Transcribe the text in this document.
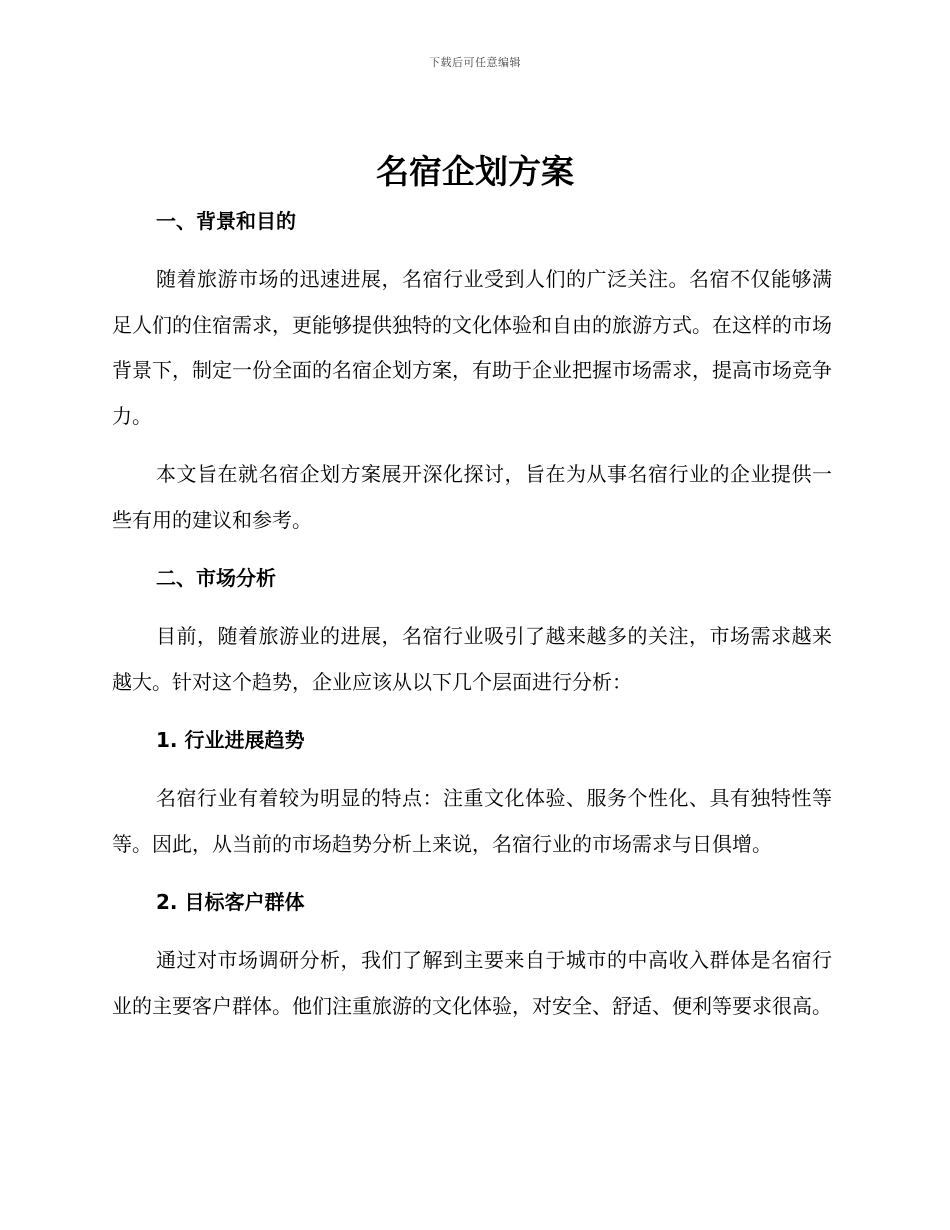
下载后可任意编辑
名宿企划方案
一、背景和目的

随着旅游市场的迅速进展，名宿行业受到人们的广泛关注。名宿不仅能够满足人们的住宿需求，更能够提供独特的文化体验和自由的旅游方式。在这样的市场背景下，制定一份全面的名宿企划方案，有助于企业把握市场需求，提高市场竞争力。

本文旨在就名宿企划方案展开深化探讨，旨在为从事名宿行业的企业提供一些有用的建议和参考。

二、市场分析

目前，随着旅游业的进展，名宿行业吸引了越来越多的关注，市场需求越来越大。针对这个趋势，企业应该从以下几个层面进行分析：

1. 行业进展趋势

名宿行业有着较为明显的特点：注重文化体验、服务个性化、具有独特性等等。因此，从当前的市场趋势分析上来说，名宿行业的市场需求与日俱增。

2. 目标客户群体

通过对市场调研分析，我们了解到主要来自于城市的中高收入群体是名宿行业的主要客户群体。他们注重旅游的文化体验，对安全、舒适、便利等要求很高。
